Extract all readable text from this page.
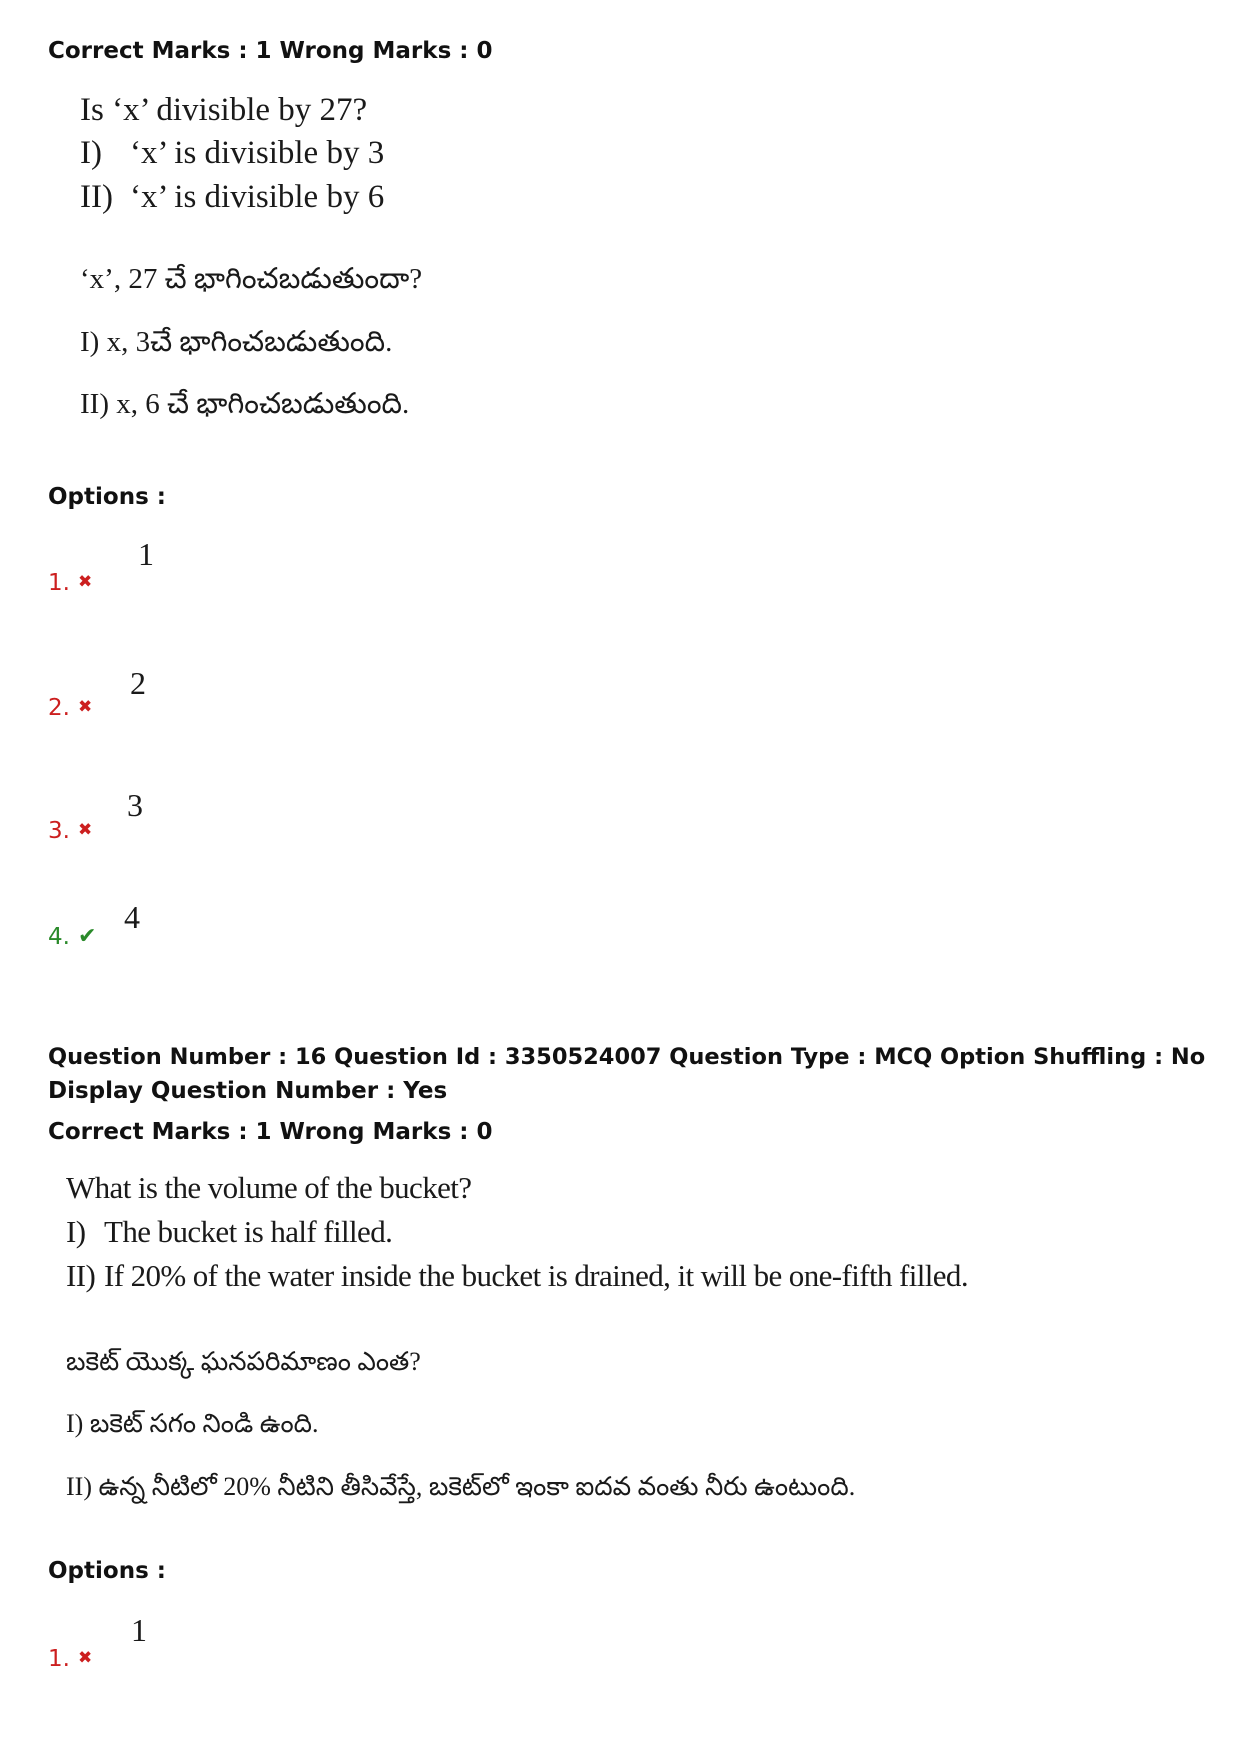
Correct Marks : 1 Wrong Marks : 0
Is ‘x’ divisible by 27?
I) ‘x’ is divisible by 3
II) ‘x’ is divisible by 6
‘x’, 27 చే భాగించబడుతుందా?
I) x, 3చే భాగించబడుతుంది.
II) x, 6 చే భాగించబడుతుంది.
Options :
1. ✖
1
2. ✖
2
3. ✖
3
4. ✔
4
Question Number : 16 Question Id : 3350524007 Question Type : MCQ Option Shuffling : No
Display Question Number : Yes
Correct Marks : 1 Wrong Marks : 0
What is the volume of the bucket?
I) The bucket is half filled.
II) If 20% of the water inside the bucket is drained, it will be one-fifth filled.
బకెట్ యొక్క ఘనపరిమాణం ఎంత?
I) బకెట్ సగం నిండి ఉంది.
II) ఉన్న నీటిలో 20% నీటిని తీసివేస్తే, బకెట్‌లో ఇంకా ఐదవ వంతు నీరు ఉంటుంది.
Options :
1. ✖
1
